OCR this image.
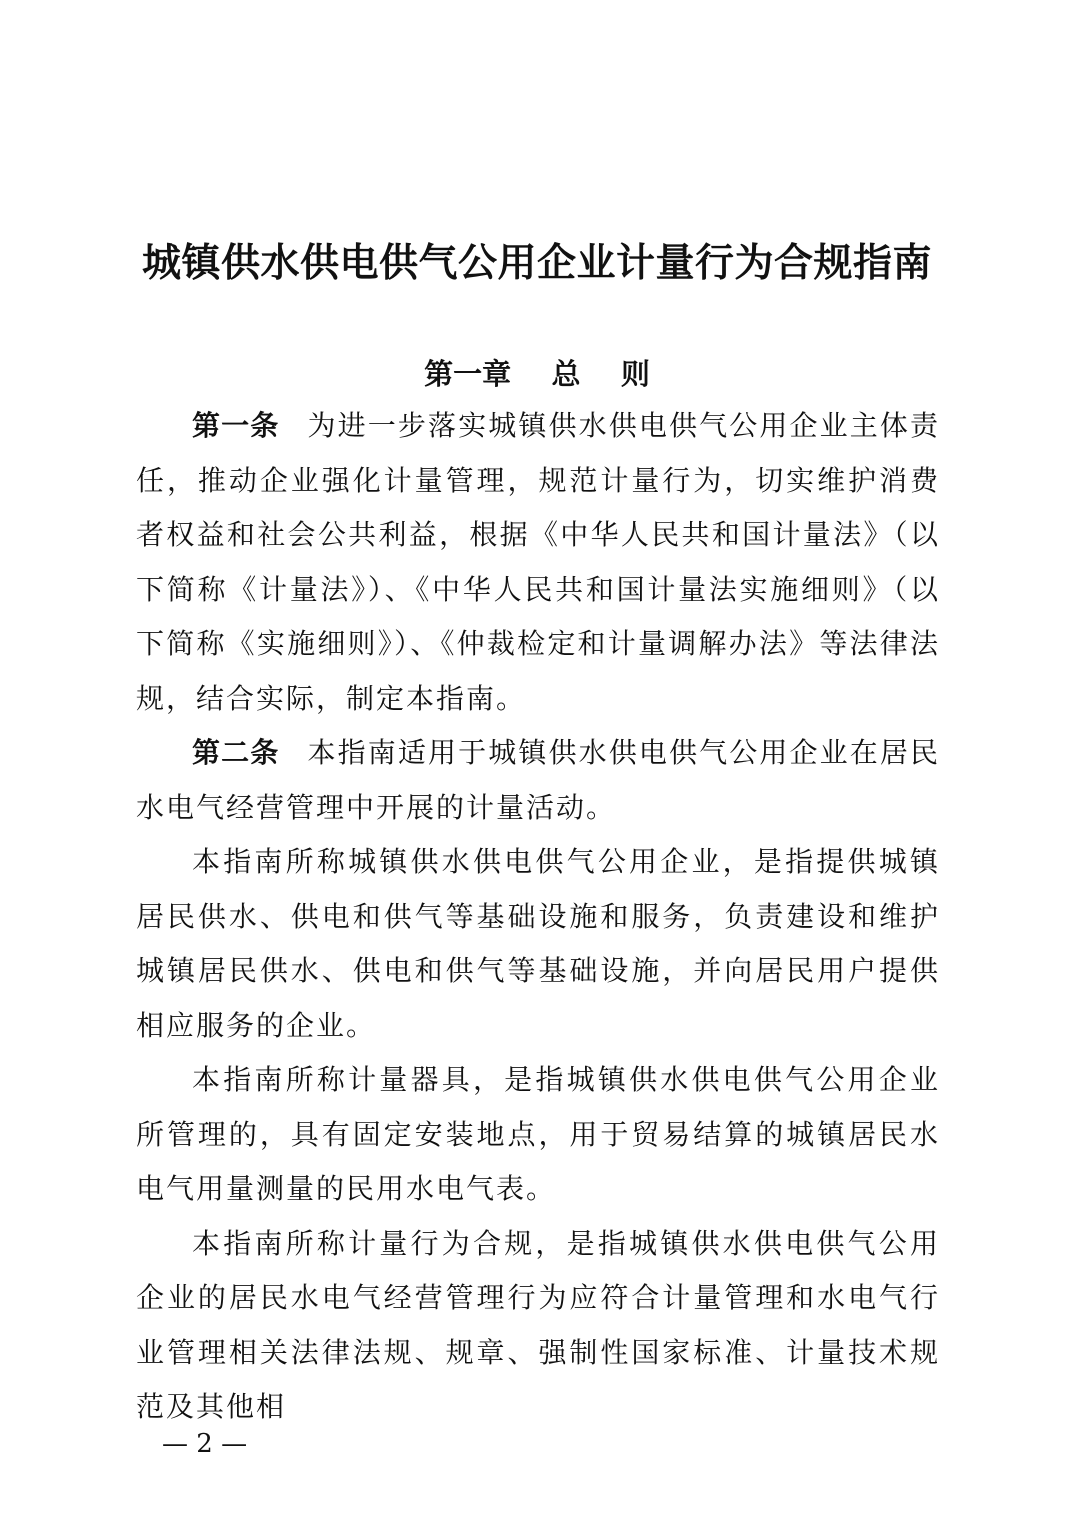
城镇供水供电供气公用企业计量行为合规指南
第一章    总    则

第一条 为进一步落实城镇供水供电供气公用企业主体责任，推动企业强化计量管理，规范计量行为，切实维护消费者权益和社会公共利益，根据《中华人民共和国计量法》（以下简称《计量法》）、《中华人民共和国计量法实施细则》（以下简称《实施细则》）、《仲裁检定和计量调解办法》等法律法规，结合实际，制定本指南。

第二条 本指南适用于城镇供水供电供气公用企业在居民水电气经营管理中开展的计量活动。

本指南所称城镇供水供电供气公用企业，是指提供城镇居民供水、供电和供气等基础设施和服务，负责建设和维护城镇居民供水、供电和供气等基础设施，并向居民用户提供相应服务的企业。

本指南所称计量器具，是指城镇供水供电供气公用企业所管理的，具有固定安装地点，用于贸易结算的城镇居民水电气用量测量的民用水电气表。

本指南所称计量行为合规，是指城镇供水供电供气公用企业的居民水电气经营管理行为应符合计量管理和水电气行业管理相关法律法规、规章、强制性国家标准、计量技术规范及其他相

— 2 —
